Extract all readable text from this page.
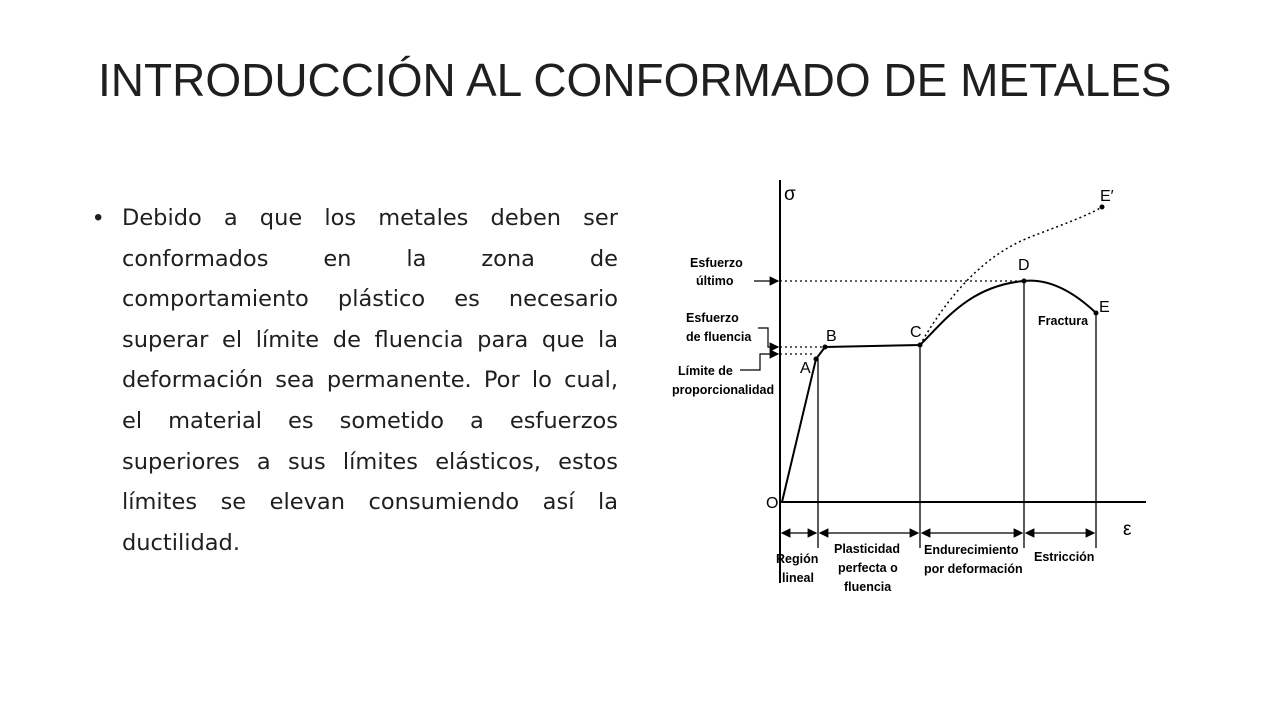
INTRODUCCIÓN AL CONFORMADO DE METALES
• Debido a que los metales deben ser conformados en la zona de comportamiento plástico es necesario superar el límite de fluencia para que la deformación sea permanente. Por lo cual, el material es sometido a esfuerzos superiores a sus límites elásticos, estos límites se elevan consumiendo así la ductilidad.

σ
ε
O
A
B	C
D
E
E′
Esfuerzo
último
Esfuerzo
de fluencia
Límite de
proporcionalidad
Fractura
Región
lineal
Plasticidad
perfecta o
fluencia
Endurecimiento
por deformación
Estricción
